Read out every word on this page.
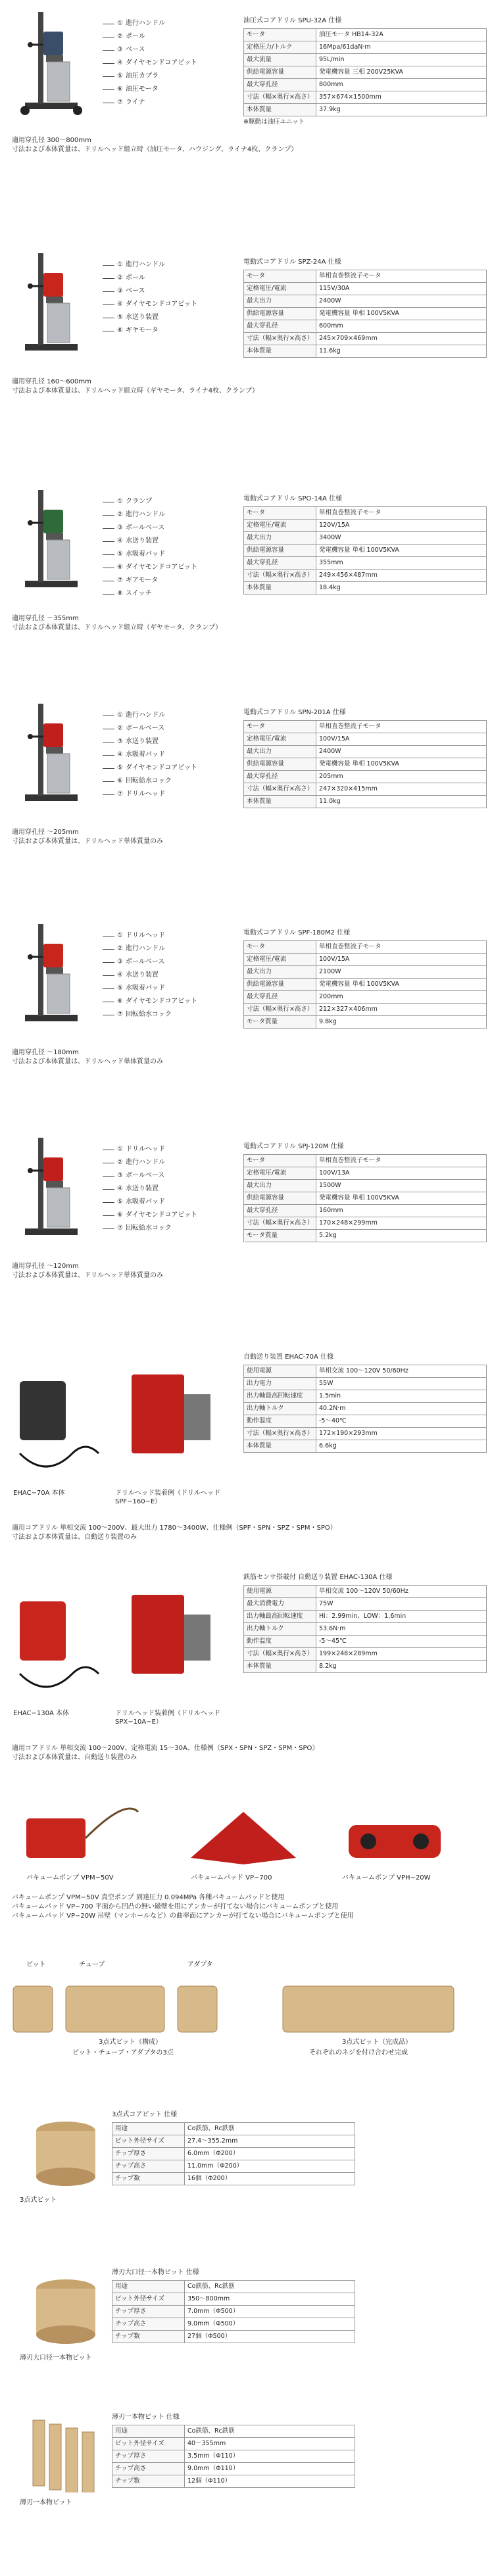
① 進行ハンドル
② ポール
③ ベース
④ ダイヤモンドコアビット
⑤ 油圧カプラ
⑥ 油圧モータ
⑦ ライナ
油圧式コアドリル SPU-32A 仕様
モータ	油圧モータ HB14-32A
定格圧力/トルク	16Mpa/61daN·m
最大流量	95L/min
供給電源容量	発電機容量 三相 200V25KVA
最大穿孔径	800mm
寸法（幅×奥行×高さ）	357×674×1500mm
本体質量	37.9kg
※駆動は油圧ユニット

適用穿孔径 300〜800mm

寸法および本体質量は、ドリルヘッド組立時（油圧モータ、ハウジング、ライナ4枚、クランプ）

① 進行ハンドル
② ポール
③ ベース
④ ダイヤモンドコアビット
⑤ 水送り装置
⑥ ギヤモータ
電動式コアドリル SPZ-24A 仕様
モータ	単相直巻整流子モータ
定格電圧/電流	115V/30A
最大出力	2400W
供給電源容量	発電機容量 単相 100V5KVA
最大穿孔径	600mm
寸法（幅×奥行×高さ）	245×709×469mm
本体質量	11.6kg

適用穿孔径 160〜600mm

寸法および本体質量は、ドリルヘッド組立時（ギヤモータ、ライナ4枚、クランプ）

① クランプ
② 進行ハンドル
③ ボールベース
④ 水送り装置
⑤ 水吸着パッド
⑥ ダイヤモンドコアビット
⑦ ギアモータ
⑧ スイッチ
電動式コアドリル SPO-14A 仕様
モータ	単相直巻整流子モータ
定格電圧/電流	120V/15A
最大出力	3400W
供給電源容量	発電機容量 単相 100V5KVA
最大穿孔径	355mm
寸法（幅×奥行×高さ）	249×456×487mm
本体質量	18.4kg

適用穿孔径 〜355mm

寸法および本体質量は、ドリルヘッド組立時（ギヤモータ、クランプ）

① 進行ハンドル
② ボールベース
③ 水送り装置
④ 水吸着パッド
⑤ ダイヤモンドコアビット
⑥ 回転給水コック
⑦ ドリルヘッド
電動式コアドリル SPN-201A 仕様
モータ	単相直巻整流子モータ
定格電圧/電流	100V/15A
最大出力	2400W
供給電源容量	発電機容量 単相 100V5KVA
最大穿孔径	205mm
寸法（幅×奥行×高さ）	247×320×415mm
本体質量	11.0kg

適用穿孔径 〜205mm

寸法および本体質量は、ドリルヘッド単体質量のみ

① ドリルヘッド
② 進行ハンドル
③ ボールベース
④ 水送り装置
⑤ 水吸着パッド
⑥ ダイヤモンドコアビット
⑦ 回転給水コック
電動式コアドリル SPF-180M2 仕様
モータ	単相直巻整流子モータ
定格電圧/電流	100V/15A
最大出力	2100W
供給電源容量	発電機容量 単相 100V5KVA
最大穿孔径	200mm
寸法（幅×奥行×高さ）	212×327×406mm
モータ質量	9.8kg

適用穿孔径 〜180mm

寸法および本体質量は、ドリルヘッド単体質量のみ

① ドリルヘッド
② 進行ハンドル
③ ボールベース
④ 水送り装置
⑤ 水吸着パッド
⑥ ダイヤモンドコアビット
⑦ 回転給水コック
電動式コアドリル SPJ-120M 仕様
モータ	単相直巻整流子モータ
定格電圧/電流	100V/13A
最大出力	1500W
供給電源容量	発電機容量 単相 100V5KVA
最大穿孔径	160mm
寸法（幅×奥行×高さ）	170×248×299mm
モータ質量	5.2kg

適用穿孔径 〜120mm

寸法および本体質量は、ドリルヘッド単体質量のみ

EHAC−70A 本体	ドリルヘッド装着例（ドリルヘッド SPF−160−E）
自動送り装置 EHAC-70A 仕様
使用電源	単相交流 100〜120V 50/60Hz
出力電力	55W
出力軸最高回転速度	1.5min
出力軸トルク	40.2N·m
動作温度	-5〜40℃
寸法（幅×奥行×高さ）	172×190×293mm
本体質量	6.6kg

適用コアドリル 単相交流 100〜200V、最大出力 1780〜3400W、仕様例（SPF・SPN・SPZ・SPM・SPO）

寸法および本体質量は、自動送り装置のみ

EHAC−130A 本体	ドリルヘッド装着例（ドリルヘッド SPX−10A−E）
鉄筋センサ搭載付 自動送り装置 EHAC-130A 仕様
使用電源	単相交流 100〜120V 50/60Hz
最大消費電力	75W
出力軸最高回転速度	Hi：2.99min、LOW：1.6min
出力軸トルク	53.6N·m
動作温度	-5〜45℃
寸法（幅×奥行×高さ）	199×248×289mm
本体質量	8.2kg

適用コアドリル 単相交流 100〜200V、定格電流 15〜30A、仕様例（SPX・SPN・SPZ・SPM・SPO）

寸法および本体質量は、自動送り装置のみ

バキュームポンプ VPM−50V	バキュームパッド VP−700	バキュームポンプ VPH−20W

バキュームポンプ VPM−50V 真空ポンプ 到達圧力 0.094MPa 各種バキュームパッドと使用

バキュームパッド VP−700 平面から凹凸の無い磁壁を用にアンカーが打てない場合にバキュームポンプと使用

バキュームパッド VP−20W 吊壁（マンホールなど）の曲率面にアンカーが打てない場合にバキュームポンプと使用

ビット	チューブ	アダプタ
3点式ビット（構成）
ビット・チューブ・アダプタの3点
3点式ビット（完成品）
それぞれのネジを付け合わせ完成
3点式ビット
3点式コアビット 仕様
用途	Co鉄筋、Rc鉄筋
ビット外径サイズ	27.4〜355.2mm
チップ厚さ	6.0mm（Φ200）
チップ高さ	11.0mm（Φ200）
チップ数	16個（Φ200）
薄刃大口径一本物ビット
薄刃大口径一本物ビット 仕様
用途	Co鉄筋、Rc鉄筋
ビット外径サイズ	350〜800mm
チップ厚さ	7.0mm（Φ500）
チップ高さ	9.0mm（Φ500）
チップ数	27個（Φ500）
薄刃一本物ビット
薄刃一本物ビット 仕様
用途	Co鉄筋、Rc鉄筋
ビット外径サイズ	40〜355mm
チップ厚さ	3.5mm（Φ110）
チップ高さ	9.0mm（Φ110）
チップ数	12個（Φ110）
